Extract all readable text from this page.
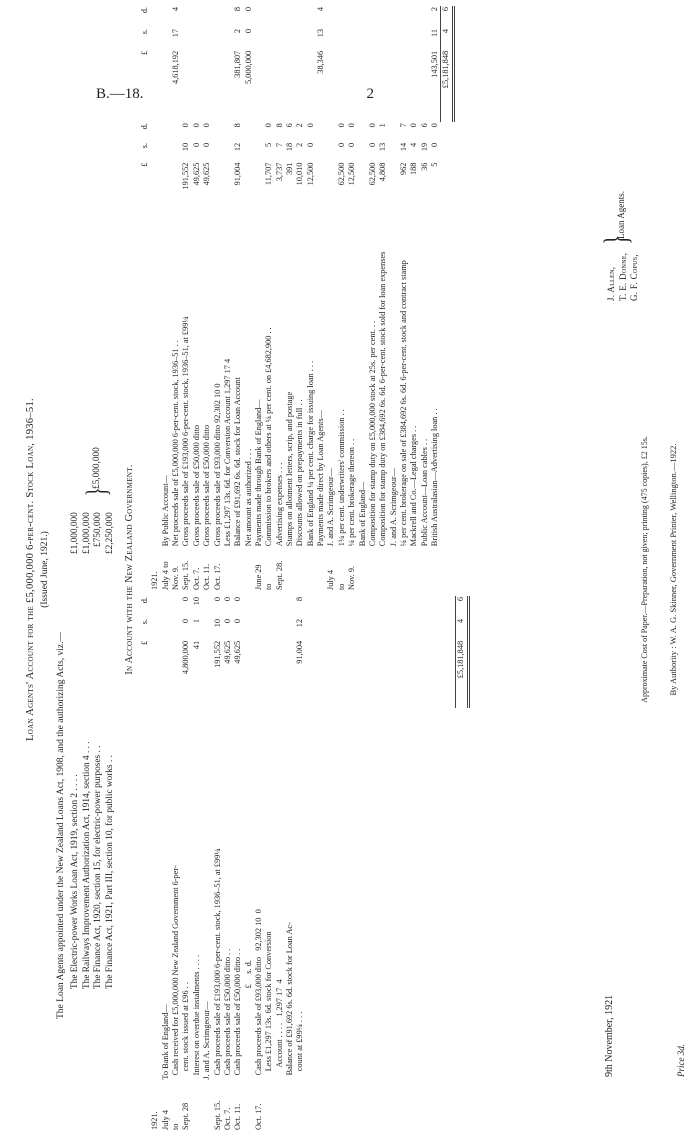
B.—18.	2
Loan Agents' Account for the £5,000,000 6-per-cent. Stock Loan, 1936–51. (Issued June, 1921.)
The Loan Agents appointed under the New Zealand Loans Act, 1908, and the authorizing Acts, viz.— The Electric-power Works Loan Act, 1919, section 2 . . . . The Railways Improvement Authorization Act, 1914, section 4 . . .
The Finance Act, 1920, section 15, for electric-power purposes . .
The Finance Act, 1921, Part III, section 10, for public works . .
£1,000,000 £1,000,000 £750,000 £2,250,000
}
£5,000,000 In Account with the New Zealand Government.
		£	s.	d.
1921.				
July 4	To Bank of England—			
to	Cash received for £5,000,000 New Zealand Government 6-per-			
Sept. 28	cent. stock issued at £96 . .	4,800,000	0	0
	Interest on overdue instalments . . . .	41	1	10
	J. and A. Scrimgeour—			
Sept. 15.	Cash proceeds sale of £193,000 6-per-cent. stock, 1936–51, at £99¼	191,552	10	0
Oct. 7.	Cash proceeds sale of £50,000 ditto . .	49,625	0	0
Oct. 11.	Cash proceeds sale of £50,000 ditto . .	49,625	0	0
	£     s. d.			
Oct. 17.	Cash proceeds sale of £93,000 ditto   92,302 10  0			
	Less £1,297 13s. 6d. stock for Conversion			
	Account . . . .   1,297 17  4			
	Balance of £91,692 6s. 6d. stock for Loan Ac-			
	count at £99¼ . . .	91,004	12	8

		£5,181,848	4	6
		£	s.	d.	£	s.	d.
1921.							
July 4 to	By Public Account—						
Nov. 9.	Net proceeds sale of £5,000,000 6-per-cent. stock, 1936–51 . .				4,618,192	17	4
Sept. 15.	Gross proceeds sale of £193,000 6-per-cent. stock, 1936–51, at £99¼	191,552	10	0			
Oct. 7.	Gross proceeds sale of £50,000 ditto	49,625	0	0			
Oct. 11.	Gross proceeds sale of £50,000 ditto	49,625	0	0			
Oct. 17.	Gross proceeds sale of £93,000 ditto 92,302 10 0						
	Less £1,297 13s. 6d. for Conversion Account 1,297 17 4						
	Balance of £91,692 6s. 6d. stock for Loan Account	91,004	12	8	381,807	2	8
	Net amount as authorized . . .				5,000,000	0	0
June 29	Payments made through Bank of England—						
to	Commission to brokers and others at ¼ per cent. on £4,682,900 . .	11,707	5	0			
Sept. 28.	Advertising expenses . . .	3,737	7	8			
	Stamps on allotment letters, scrip, and postage	391	18	6			
	Discounts allowed on prepayments in full . .	10,010	2	2			
	Bank of England ¼ per cent. charge for issuing loan . . .	12,500	0	0			
	Payments made direct by Loan Agents—				38,346	13	4
July 4	J. and A. Scrimgeour—						
to	1¼ per cent. underwriters' commission . .	62,500	0	0			
Nov. 9.	¼ per cent. brokerage thereon . .	12,500	0	0			
	Bank of England—						
	Composition for stamp duty on £5,000,000 stock at 25s. per cent. . .	62,500	0	0			
	Composition for stamp duty on £384,692 6s. 6d. 6-per-cent. stock sold for loan expenses	4,808	13	1			
	J. and A. Scrimgeour—						
	¼ per cent. brokerage on sale of £384,692 6s. 6d. 6-per-cent. stock and contract stamp	962	14	7			
	Mackrell and Co.—Legal charges . .	188	4	0			
	Public Account—Loan cables . .	36	19	6			
	British Australasian—Advertising loan . .	5	0	0	143,501	11	2
					£5,181,848	4	6
9th November, 1921
J. Allen, T. E. Donne, G. F. Copus,
}
Loan Agents.
Approximate Cost of Paper.—Preparation, not given; printing (475 copies), £2 15s.
Price 3d.
By Authority : W. A. G. Skinner, Government Printer, Wellington.—1922.
